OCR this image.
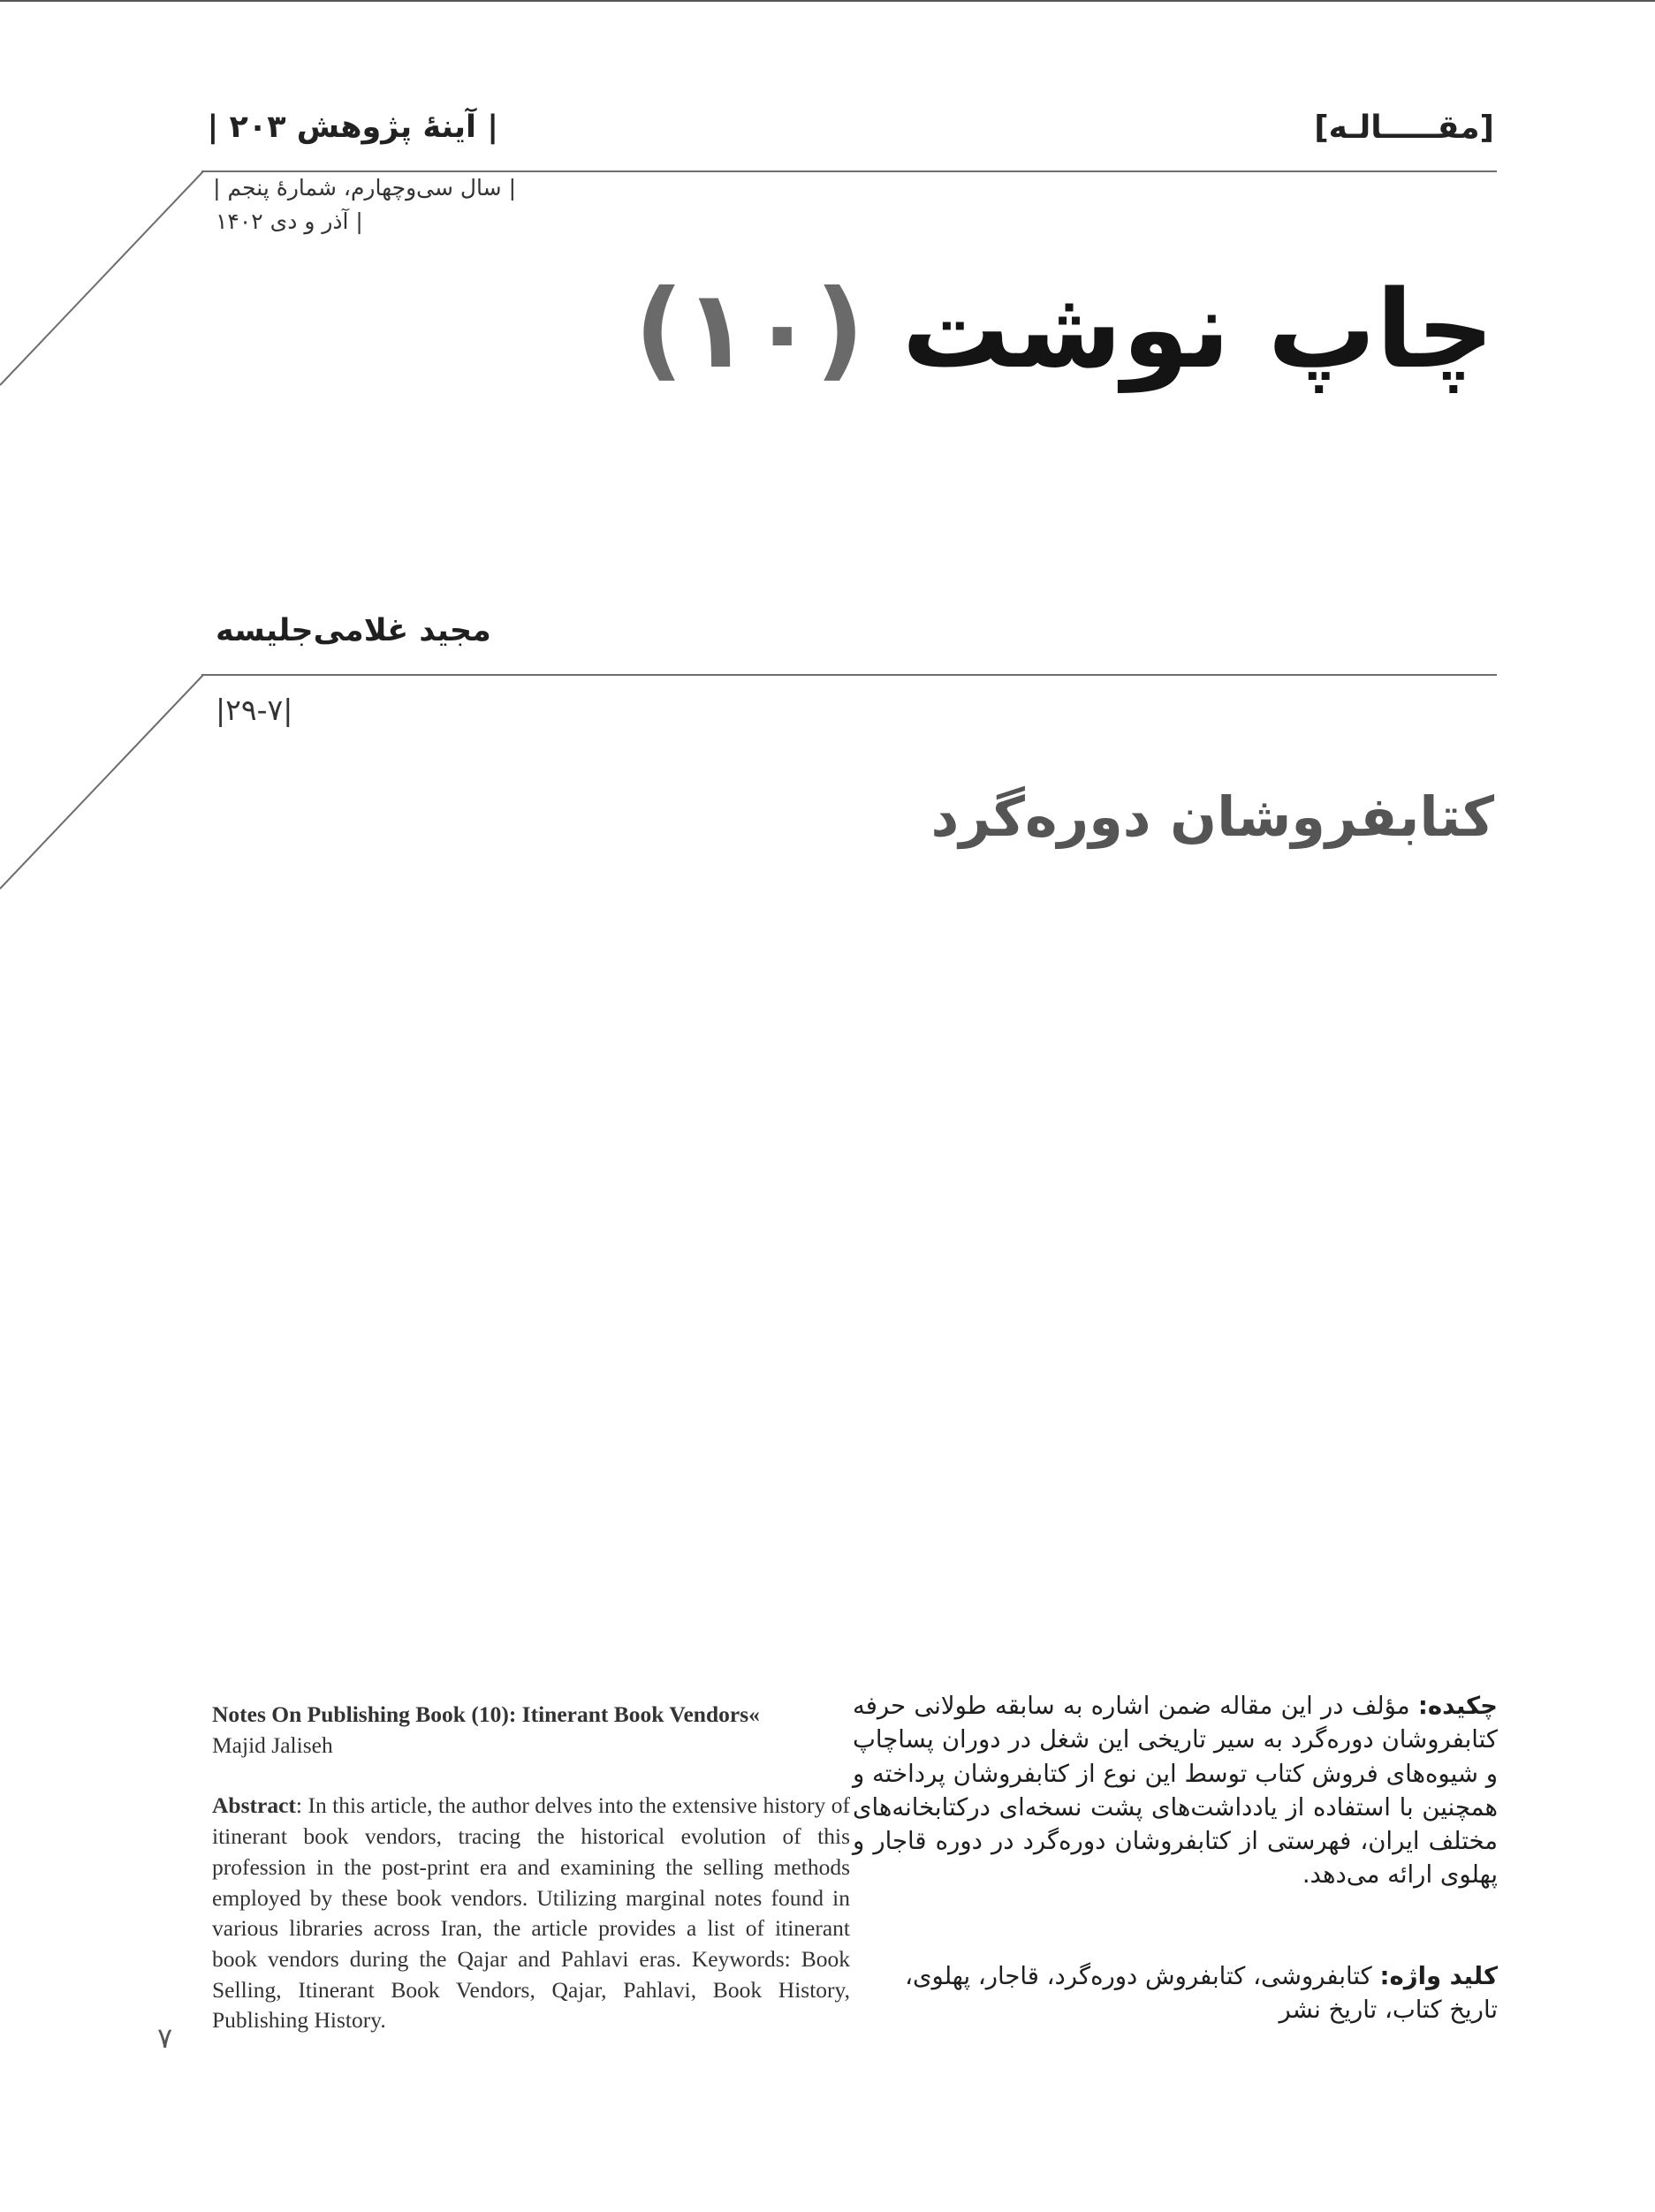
| آینۀ پژوهش ۲۰۳ |	[مقـــــالـه]
| سال سی‌وچهارم، شمارۀ پنجم |
| آذر و دی ۱۴۰۲
چاپ نوشت (۱۰)
مجید غلامی‌جلیسه
|۲۹-۷|
کتابفروشان دوره‌گرد
Notes On Publishing Book (10): Itinerant Book Vendors«
Majid Jaliseh
Abstract: In this article, the author delves into the extensive history of itinerant book vendors, tracing the historical evolution of this profession in the post-print era and examining the selling methods employed by these book vendors. Utilizing marginal notes found in various libraries across Iran, the article provides a list of itinerant book vendors during the Qajar and Pahlavi eras. Keywords: Book Selling, Itinerant Book Vendors, Qajar, Pahlavi, Book History, Publishing History.
چکیده: مؤلف در این مقاله ضمن اشاره به سابقه طولانی حرفه کتابفروشان دوره‌گرد به سیر تاریخی این شغل در دوران پساچاپ و شیوه‌های فروش کتاب توسط این نوع از کتابفروشان پرداخته و همچنین با استفاده از یادداشت‌های پشت نسخه‌ای درکتابخانه‌های مختلف ایران، فهرستی از کتابفروشان دوره‌گرد در دوره قاجار و پهلوی ارائه می‌دهد.
کلید واژه: کتابفروشی، کتابفروش دوره‌گرد، قاجار، پهلوی، تاریخ کتاب، تاریخ نشر
۷
